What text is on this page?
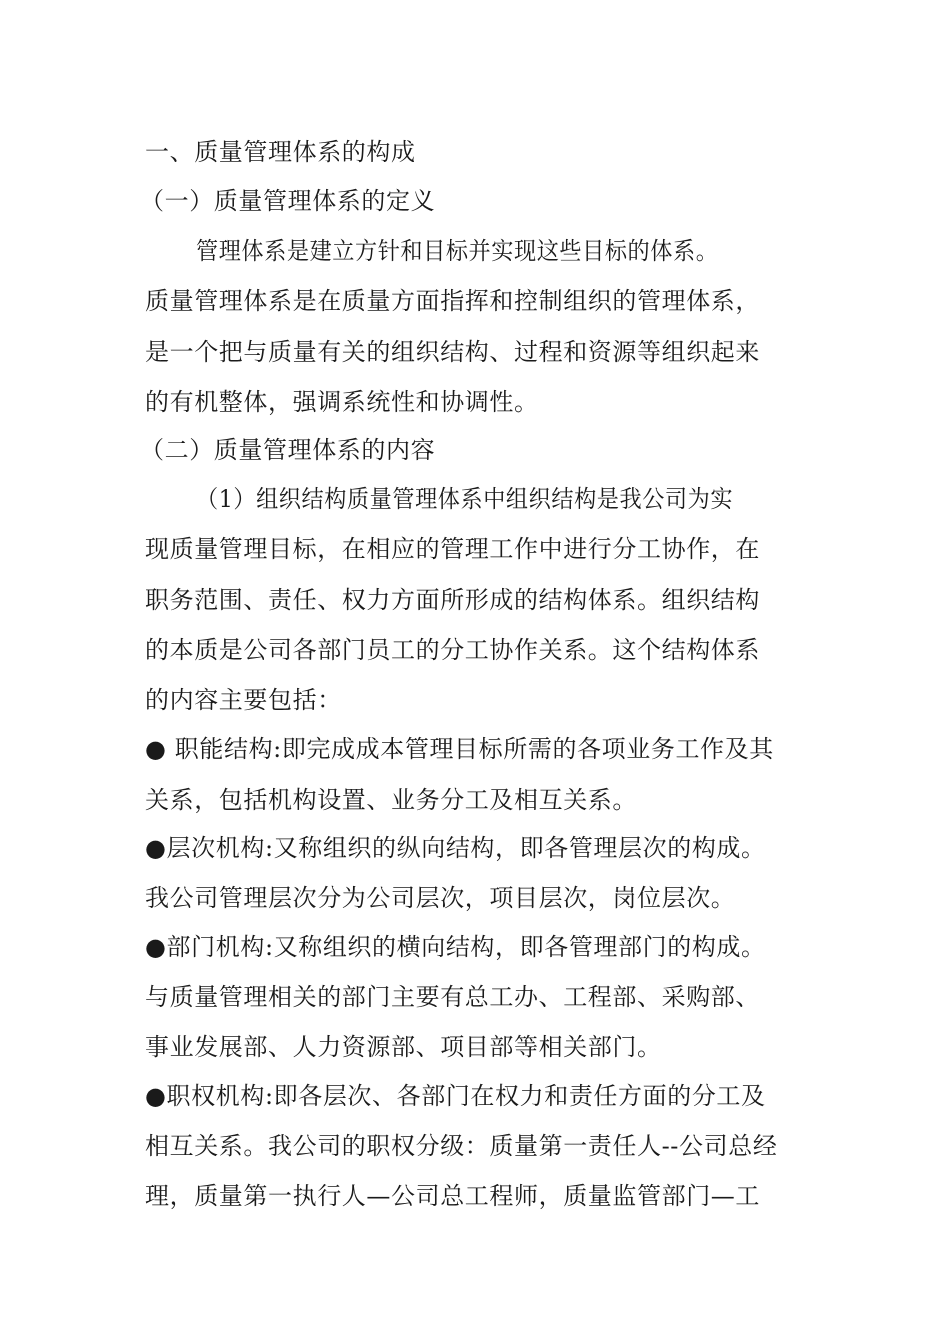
一、质量管理体系的构成
（一）质量管理体系的定义
管理体系是建立方针和目标并实现这些目标的体系。
质量管理体系是在质量方面指挥和控制组织的管理体系，
是一个把与质量有关的组织结构、过程和资源等组织起来
的有机整体，强调系统性和协调性。
（二）质量管理体系的内容
（1）组织结构质量管理体系中组织结构是我公司为实
现质量管理目标，在相应的管理工作中进行分工协作，在
职务范围、责任、权力方面所形成的结构体系。组织结构
的本质是公司各部门员工的分工协作关系。这个结构体系
的内容主要包括：
● 职能结构:即完成成本管理目标所需的各项业务工作及其
关系，包括机构设置、业务分工及相互关系。
●层次机构:又称组织的纵向结构，即各管理层次的构成。
我公司管理层次分为公司层次，项目层次，岗位层次。
●部门机构:又称组织的横向结构，即各管理部门的构成。
与质量管理相关的部门主要有总工办、工程部、采购部、
事业发展部、人力资源部、项目部等相关部门。
●职权机构:即各层次、各部门在权力和责任方面的分工及
相互关系。我公司的职权分级：质量第一责任人--公司总经
理，质量第一执行人—公司总工程师，质量监管部门—工
